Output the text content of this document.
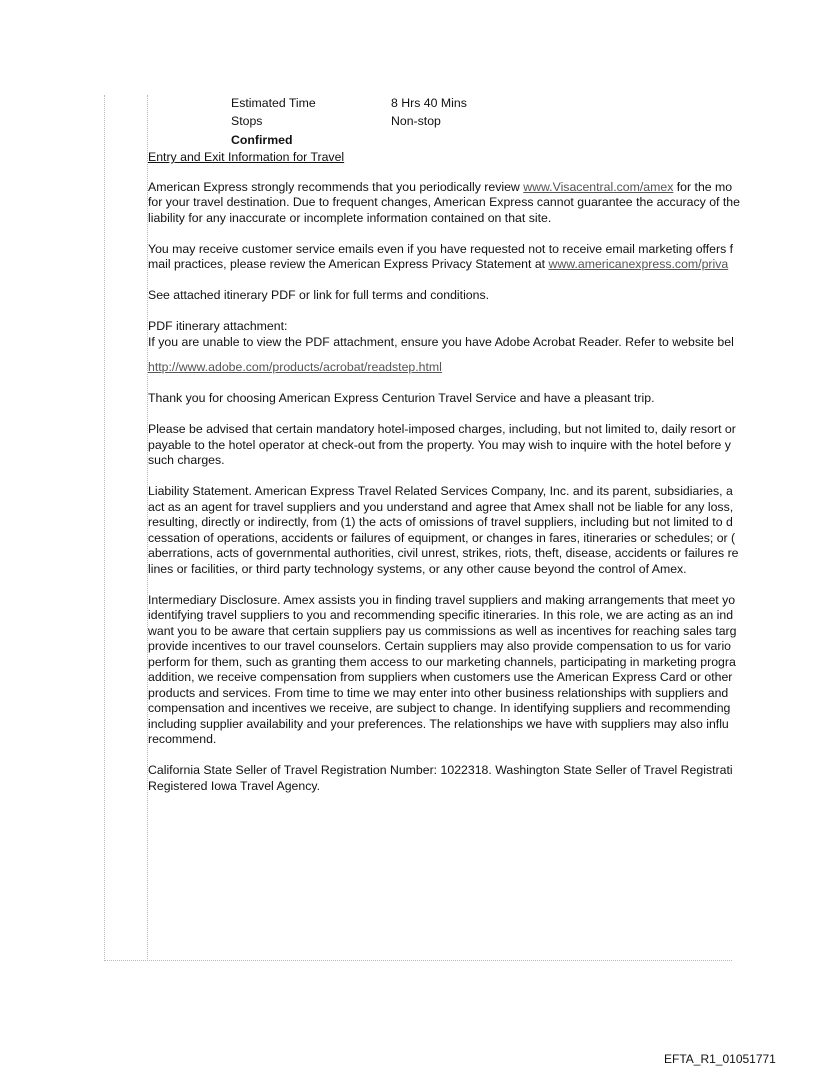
Estimated Time	8 Hrs 40 Mins
Stops	Non-stop
Confirmed
Entry and Exit Information for Travel

American Express strongly recommends that you periodically review www.Visacentral.com/amex for the mo
for your travel destination. Due to frequent changes, American Express cannot guarantee the accuracy of the
liability for any inaccurate or incomplete information contained on that site.

You may receive customer service emails even if you have requested not to receive email marketing offers f
mail practices, please review the American Express Privacy Statement at www.americanexpress.com/priva

See attached itinerary PDF or link for full terms and conditions.

PDF itinerary attachment:
If you are unable to view the PDF attachment, ensure you have Adobe Acrobat Reader. Refer to website bel

http://www.adobe.com/products/acrobat/readstep.html

Thank you for choosing American Express Centurion Travel Service and have a pleasant trip.

Please be advised that certain mandatory hotel-imposed charges, including, but not limited to, daily resort or
payable to the hotel operator at check-out from the property. You may wish to inquire with the hotel before y
such charges.

Liability Statement. American Express Travel Related Services Company, Inc. and its parent, subsidiaries, a
act as an agent for travel suppliers and you understand and agree that Amex shall not be liable for any loss,
resulting, directly or indirectly, from (1) the acts of omissions of travel suppliers, including but not limited to d
cessation of operations, accidents or failures of equipment, or changes in fares, itineraries or schedules; or (
aberrations, acts of governmental authorities, civil unrest, strikes, riots, theft, disease, accidents or failures re
lines or facilities, or third party technology systems, or any other cause beyond the control of Amex.

Intermediary Disclosure. Amex assists you in finding travel suppliers and making arrangements that meet yo
identifying travel suppliers to you and recommending specific itineraries. In this role, we are acting as an ind
want you to be aware that certain suppliers pay us commissions as well as incentives for reaching sales targ
provide incentives to our travel counselors. Certain suppliers may also provide compensation to us for vario
perform for them, such as granting them access to our marketing channels, participating in marketing progra
addition, we receive compensation from suppliers when customers use the American Express Card or other
products and services. From time to time we may enter into other business relationships with suppliers and
compensation and incentives we receive, are subject to change. In identifying suppliers and recommending
including supplier availability and your preferences. The relationships we have with suppliers may also influ
recommend.

California State Seller of Travel Registration Number: 1022318. Washington State Seller of Travel Registrati
Registered Iowa Travel Agency.

EFTA_R1_01051771
